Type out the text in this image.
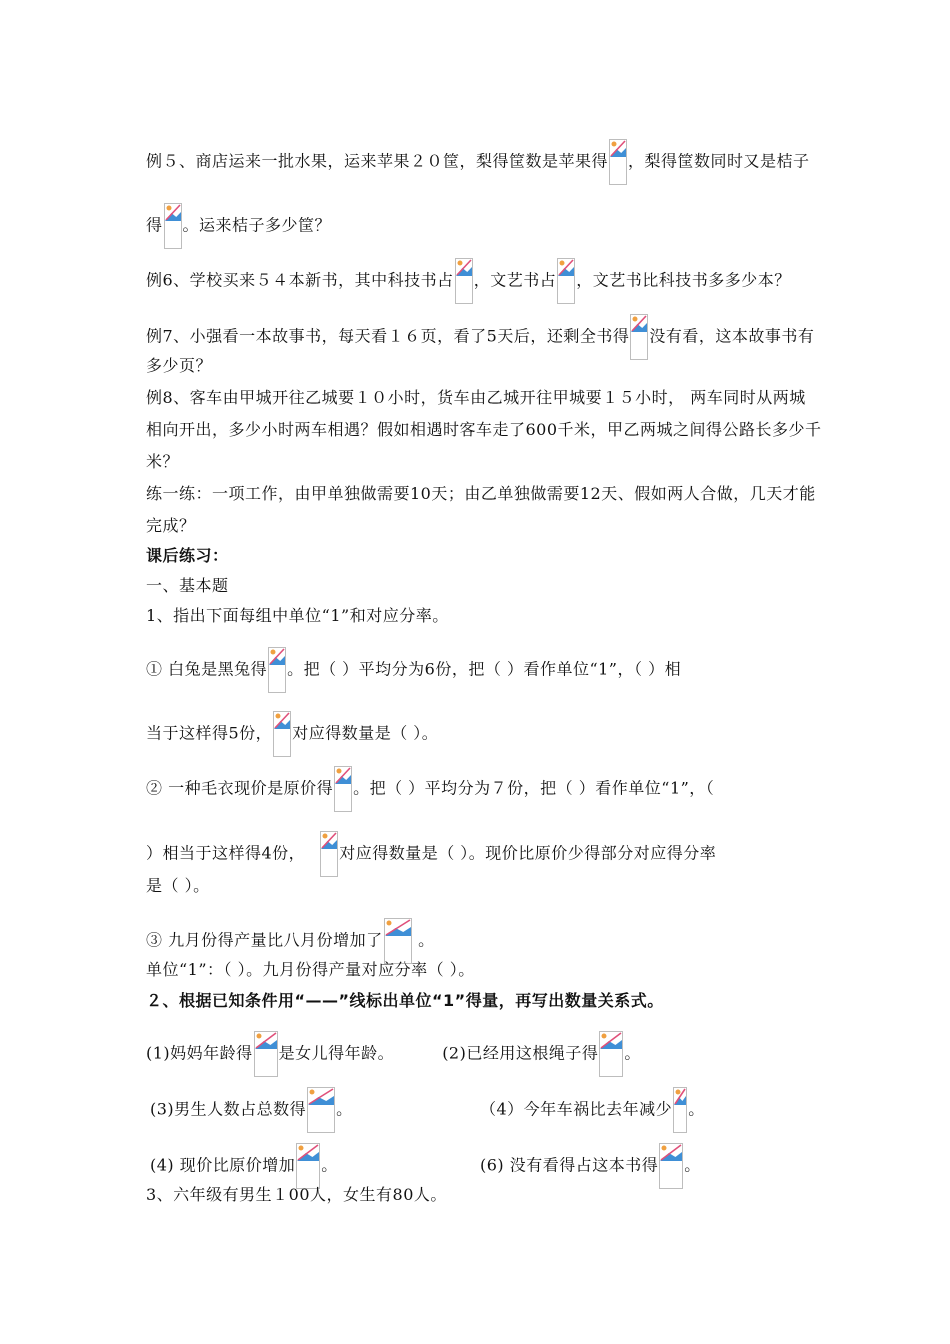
例５、商店运来一批水果，运来苹果２０筐，梨得筐数是苹果得 ，梨得筐数同时又是桔子
得 。运来桔子多少筐？
例6、学校买来５４本新书，其中科技书占 ，文艺书占 ，文艺书比科技书多多少本？
例7、小强看一本故事书，每天看１６页，看了5天后，还剩全书得 没有看，这本故事书有
多少页？
例8、客车由甲城开往乙城要１０小时，货车由乙城开往甲城要１５小时， 两车同时从两城
相向开出，多少小时两车相遇？假如相遇时客车走了600千米，甲乙两城之间得公路长多少千
米？
练一练：一项工作，由甲单独做需要10天；由乙单独做需要12天、假如两人合做，几天才能
完成？
课后练习：
一、基本题
1、指出下面每组中单位“1”和对应分率。
① 白兔是黑兔得 。把（ ）平均分为6份，把（ ）看作单位“1”，（ ）相
当于这样得5份， 对应得数量是（ ）。
② 一种毛衣现价是原价得 。把（ ）平均分为７份，把（ ）看作单位“1”，（
）相当于这样得4份， 对应得数量是（ ）。现价比原价少得部分对应得分率
是（ ）。
③ 九月份得产量比八月份增加了
。
单位“1”：（ ）。九月份得产量对应分率（ ）。
２、根据已知条件用“——”线标出单位“1”得量，再写出数量关系式。
(1)妈妈年龄得 是女儿得年龄。	(2)已经用这根绳子得 。
(3)男生人数占总数得 。	（4）今年车祸比去年减少 。
(4) 现价比原价增加 。	(6) 没有看得占这本书得 。
3、六年级有男生１00人，女生有80人。
